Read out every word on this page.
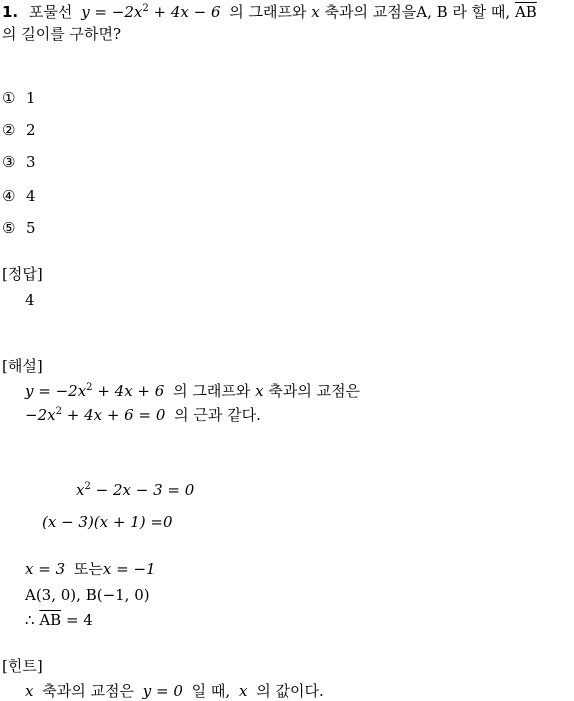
1. 포물선 $y = -2x^2 + 4x - 6$ 의 그래프와 x 축과의 교점을A, B 라 할 때, $\overline{AB}$
의 길이를 구하면?
① 1
② 2
③ 3
④ 4
⑤ 5
[정답]
4
[해설]
$y = -2x^2 + 4x + 6$ 의 그래프와 x 축과의 교점은
$-2x^2 + 4x + 6 = 0$ 의 근과 같다.
$x^2 - 2x - 3 = 0$
(x − 3)(x + 1) =0
x = 3 또는x = −1
A(3, 0), B(−1, 0)
∴ $\overline{AB} = 4$
[힌트]
x 축과의 교점은 y = 0 일 때, x 의 값이다.
